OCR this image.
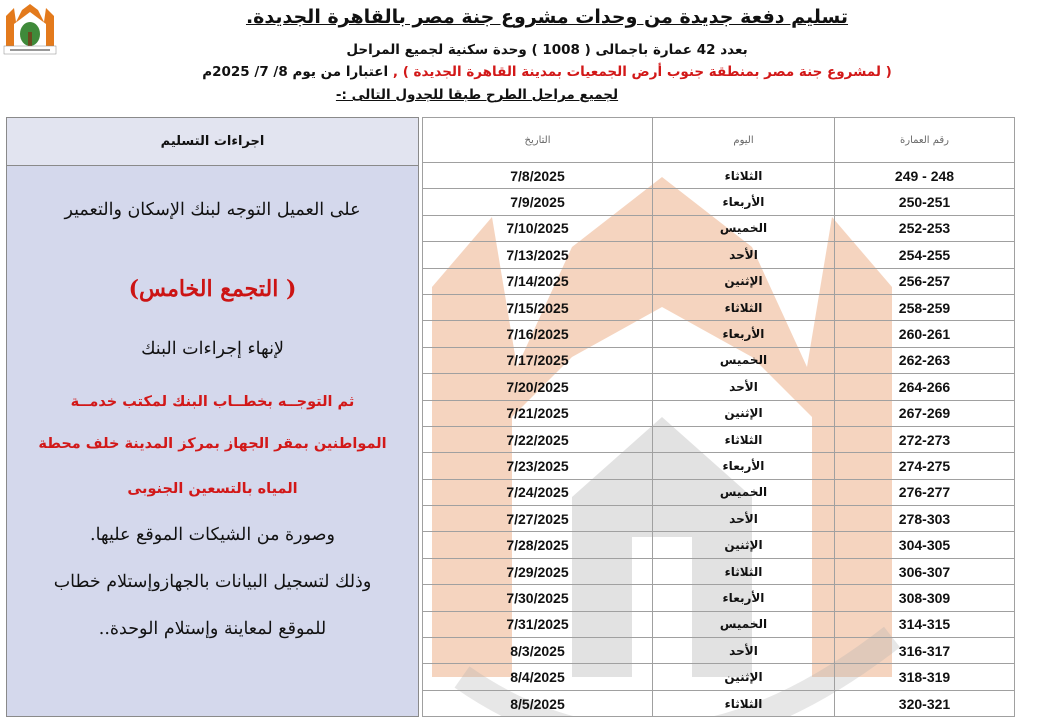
تسليم دفعة جديدة من وحدات مشروع جنة مصر بالقاهرة الجديدة.
بعدد 42 عمارة باجمالى ( 1008 ) وحدة سكنية لجميع المراحل
( لمشروع جنة مصر بمنطقة جنوب أرض الجمعيات بمدينة القاهرة الجديدة ) , اعتبارا من يوم 8/ 7/ 2025م
لجميع مراحل الطرح طبقا للجدول التالى :-
اجراءات التسليم
على العميل التوجه لبنك الإسكان والتعمير
( التجمع الخامس)
لإنهاء إجراءات البنك
ثم التوجــه بخطــاب البنك لمكتب خدمــة
المواطنين بمقر الجهاز بمركز المدينة خلف محطة
المياه بالتسعين الجنوبى
وصورة من الشيكات الموقع عليها.
وذلك لتسجيل البيانات بالجهازوإستلام خطاب
للموقع لمعاينة وإستلام الوحدة..
التاريخ	اليوم	رقم العمارة
7/8/2025	الثلاثاء	249 - 248
7/9/2025	الأربعاء	250-251
7/10/2025	الخميس	252-253
7/13/2025	الأحد	254-255
7/14/2025	الإثنين	256-257
7/15/2025	الثلاثاء	258-259
7/16/2025	الأربعاء	260-261
7/17/2025	الخميس	262-263
7/20/2025	الأحد	264-266
7/21/2025	الإثنين	267-269
7/22/2025	الثلاثاء	272-273
7/23/2025	الأربعاء	274-275
7/24/2025	الخميس	276-277
7/27/2025	الأحد	278-303
7/28/2025	الإثنين	304-305
7/29/2025	الثلاثاء	306-307
7/30/2025	الأربعاء	308-309
7/31/2025	الخميس	314-315
8/3/2025	الأحد	316-317
8/4/2025	الإثنين	318-319
8/5/2025	الثلاثاء	320-321
